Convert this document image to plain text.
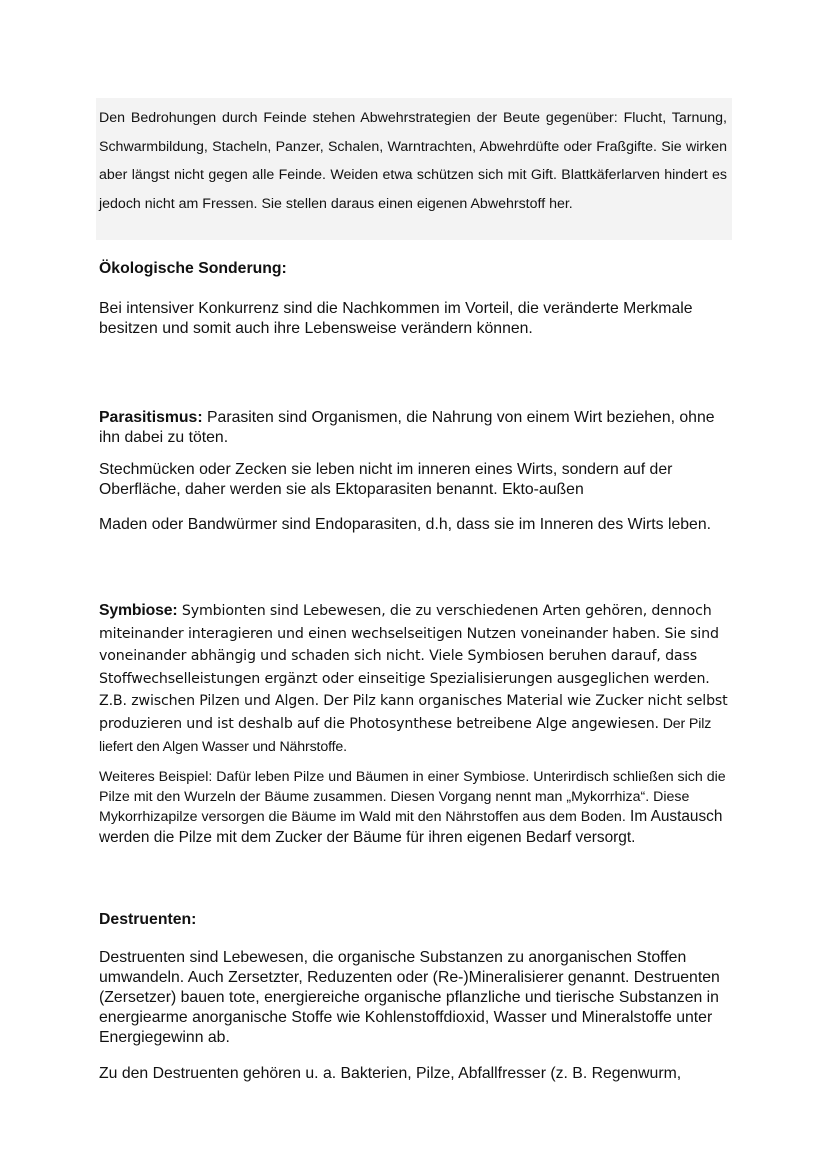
Den Bedrohungen durch Feinde stehen Abwehrstrategien der Beute gegenüber: Flucht, Tarnung, Schwarmbildung, Stacheln, Panzer, Schalen, Warntrachten, Abwehrdüfte oder Fraßgifte. Sie wirken aber längst nicht gegen alle Feinde. Weiden etwa schützen sich mit Gift. Blattkäferlarven hindert es jedoch nicht am Fressen. Sie stellen daraus einen eigenen Abwehrstoff her.

Ökologische Sonderung:

Bei intensiver Konkurrenz sind die Nachkommen im Vorteil, die veränderte Merkmale besitzen und somit auch ihre Lebensweise verändern können.

Parasitismus: Parasiten sind Organismen, die Nahrung von einem Wirt beziehen, ohne ihn dabei zu töten.

Stechmücken oder Zecken sie leben nicht im inneren eines Wirts, sondern auf der Oberfläche, daher werden sie als Ektoparasiten benannt. Ekto-außen

Maden oder Bandwürmer sind Endoparasiten, d.h, dass sie im Inneren des Wirts leben.

Symbiose: Symbionten sind Lebewesen, die zu verschiedenen Arten gehören, dennoch miteinander interagieren und einen wechselseitigen Nutzen voneinander haben. Sie sind voneinander abhängig und schaden sich nicht. Viele Symbiosen beruhen darauf, dass Stoffwechselleistungen ergänzt oder einseitige Spezialisierungen ausgeglichen werden. Z.B. zwischen Pilzen und Algen. Der Pilz kann organisches Material wie Zucker nicht selbst produzieren und ist deshalb auf die Photosynthese betreibene Alge angewiesen. Der Pilz liefert den Algen Wasser und Nährstoffe.

Weiteres Beispiel: Dafür leben Pilze und Bäumen in einer Symbiose. Unterirdisch schließen sich die Pilze mit den Wurzeln der Bäume zusammen. Diesen Vorgang nennt man „Mykorrhiza“. Diese Mykorrhizapilze versorgen die Bäume im Wald mit den Nährstoffen aus dem Boden. Im Austausch werden die Pilze mit dem Zucker der Bäume für ihren eigenen Bedarf versorgt.

Destruenten:

Destruenten sind Lebewesen, die organische Substanzen zu anorganischen Stoffen umwandeln. Auch Zersetzter, Reduzenten oder (Re-)Mineralisierer genannt. Destruenten (Zersetzer) bauen tote, energiereiche organische pflanzliche und tierische Substanzen in energiearme anorganische Stoffe wie Kohlenstoffdioxid, Wasser und Mineralstoffe unter Energiegewinn ab.

Zu den Destruenten gehören u. a. Bakterien, Pilze, Abfallfresser (z. B. Regenwurm,
